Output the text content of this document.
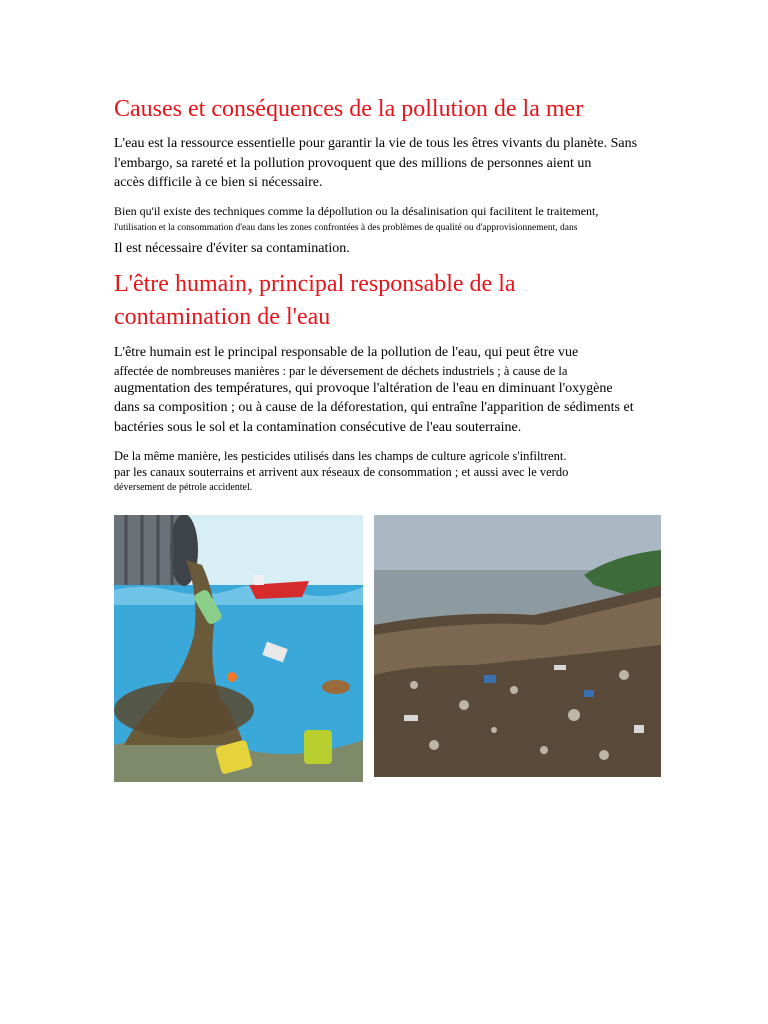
Causes et conséquences de la pollution de la mer
L'eau est la ressource essentielle pour garantir la vie de tous les êtres vivants du planète. Sans
l'embargo, sa rareté et la pollution provoquent que des millions de personnes aient un
accès difficile à ce bien si nécessaire.
Bien qu'il existe des techniques comme la dépollution ou la désalinisation qui facilitent le traitement,
l'utilisation et la consommation d'eau dans les zones confrontées à des problèmes de qualité ou d'approvisionnement, dans
Il est nécessaire d'éviter sa contamination.
L'être humain, principal responsable de la
contamination de l'eau
L'être humain est le principal responsable de la pollution de l'eau, qui peut être vue
affectée de nombreuses manières : par le déversement de déchets industriels ; à cause de la
augmentation des températures, qui provoque l'altération de l'eau en diminuant l'oxygène
dans sa composition ; ou à cause de la déforestation, qui entraîne l'apparition de sédiments et
bactéries sous le sol et la contamination consécutive de l'eau souterraine.
De la même manière, les pesticides utilisés dans les champs de culture agricole s'infiltrent.
par les canaux souterrains et arrivent aux réseaux de consommation ; et aussi avec le verdo
déversement de pétrole accidentel.
